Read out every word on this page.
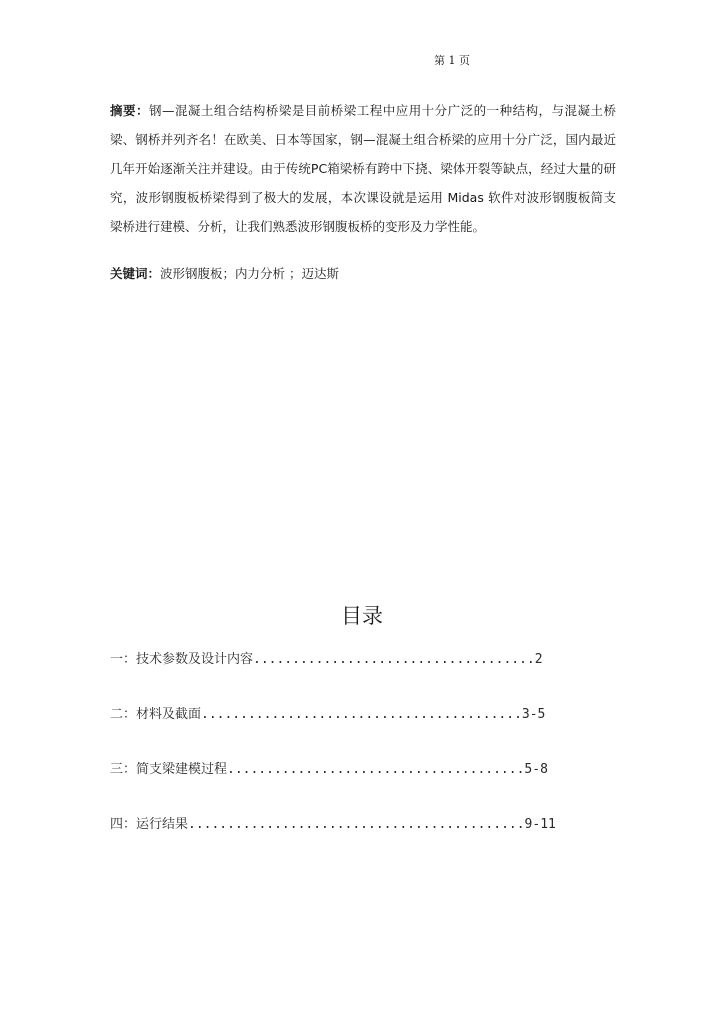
第 1 页

摘要：钢—混凝土组合结构桥梁是目前桥梁工程中应用十分广泛的一种结构，与混凝土桥梁、钢桥并列齐名！在欧美、日本等国家，钢—混凝土组合桥梁的应用十分广泛，国内最近几年开始逐渐关注并建设。由于传统PC箱梁桥有跨中下挠、梁体开裂等缺点，经过大量的研究，波形钢腹板桥梁得到了极大的发展，本次课设就是运用 Midas 软件对波形钢腹板简支梁桥进行建模、分析，让我们熟悉波形钢腹板桥的变形及力学性能。

关键词：波形钢腹板；内力分析 ；迈达斯
目录
一：技术参数及设计内容....................................2
二：材料及截面.........................................3-5
三：简支梁建模过程......................................5-8
四：运行结果...........................................9-11
